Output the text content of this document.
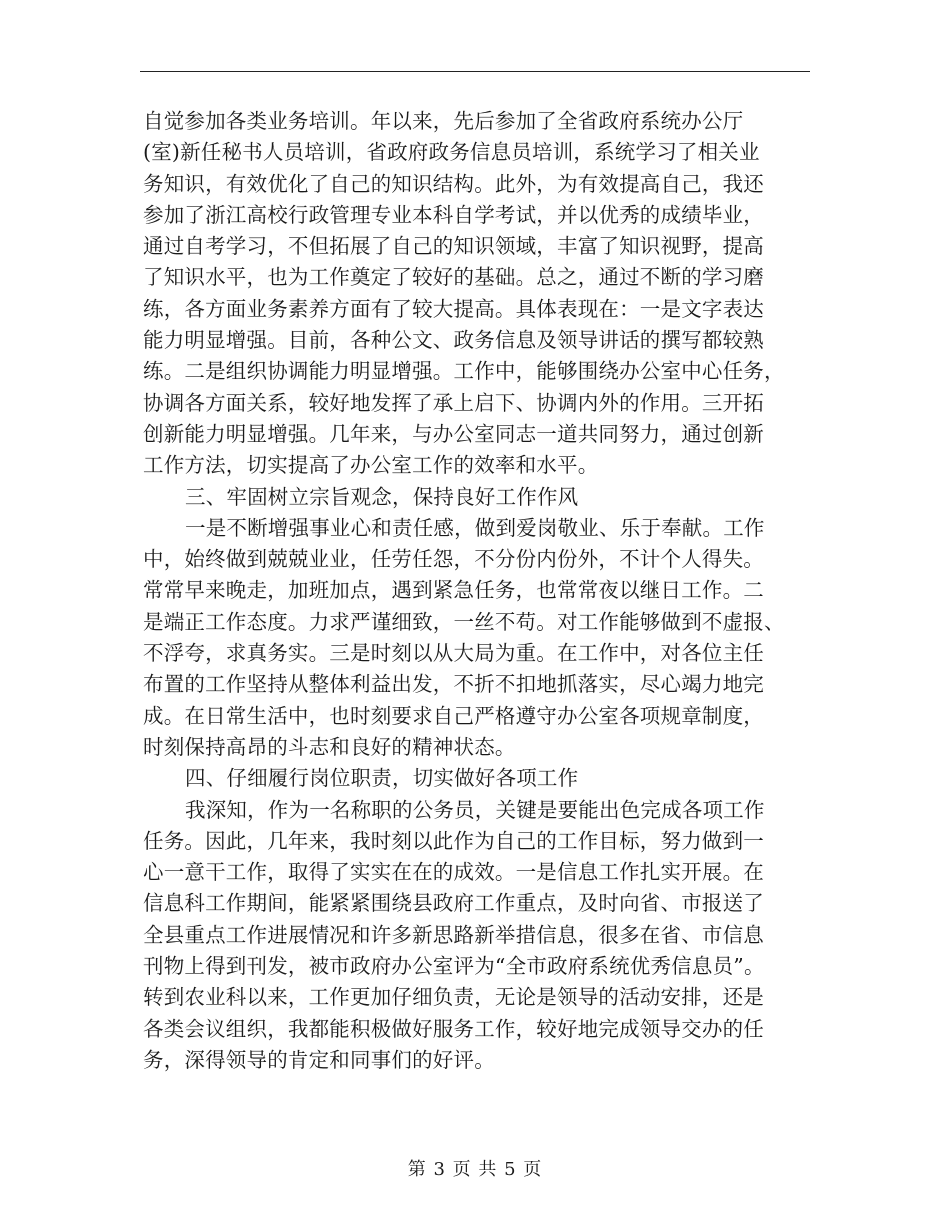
自觉参加各类业务培训。年以来，先后参加了全省政府系统办公厅
(室)新任秘书人员培训，省政府政务信息员培训，系统学习了相关业
务知识，有效优化了自己的知识结构。此外，为有效提高自己，我还
参加了浙江高校行政管理专业本科自学考试，并以优秀的成绩毕业，
通过自考学习，不但拓展了自己的知识领域，丰富了知识视野，提高
了知识水平，也为工作奠定了较好的基础。总之，通过不断的学习磨
练，各方面业务素养方面有了较大提高。具体表现在：一是文字表达
能力明显增强。目前，各种公文、政务信息及领导讲话的撰写都较熟
练。二是组织协调能力明显增强。工作中，能够围绕办公室中心任务，
协调各方面关系，较好地发挥了承上启下、协调内外的作用。三开拓
创新能力明显增强。几年来，与办公室同志一道共同努力，通过创新
工作方法，切实提高了办公室工作的效率和水平。
三、牢固树立宗旨观念，保持良好工作作风
一是不断增强事业心和责任感，做到爱岗敬业、乐于奉献。工作
中，始终做到兢兢业业，任劳任怨，不分份内份外，不计个人得失。
常常早来晚走，加班加点，遇到紧急任务，也常常夜以继日工作。二
是端正工作态度。力求严谨细致，一丝不苟。对工作能够做到不虚报、
不浮夸，求真务实。三是时刻以从大局为重。在工作中，对各位主任
布置的工作坚持从整体利益出发，不折不扣地抓落实，尽心竭力地完
成。在日常生活中，也时刻要求自己严格遵守办公室各项规章制度，
时刻保持高昂的斗志和良好的精神状态。
四、仔细履行岗位职责，切实做好各项工作
我深知，作为一名称职的公务员，关键是要能出色完成各项工作
任务。因此，几年来，我时刻以此作为自己的工作目标，努力做到一
心一意干工作，取得了实实在在的成效。一是信息工作扎实开展。在
信息科工作期间，能紧紧围绕县政府工作重点，及时向省、市报送了
全县重点工作进展情况和许多新思路新举措信息，很多在省、市信息
刊物上得到刊发，被市政府办公室评为“全市政府系统优秀信息员”。
转到农业科以来，工作更加仔细负责，无论是领导的活动安排，还是
各类会议组织，我都能积极做好服务工作，较好地完成领导交办的任
务，深得领导的肯定和同事们的好评。
第 3 页 共 5 页
